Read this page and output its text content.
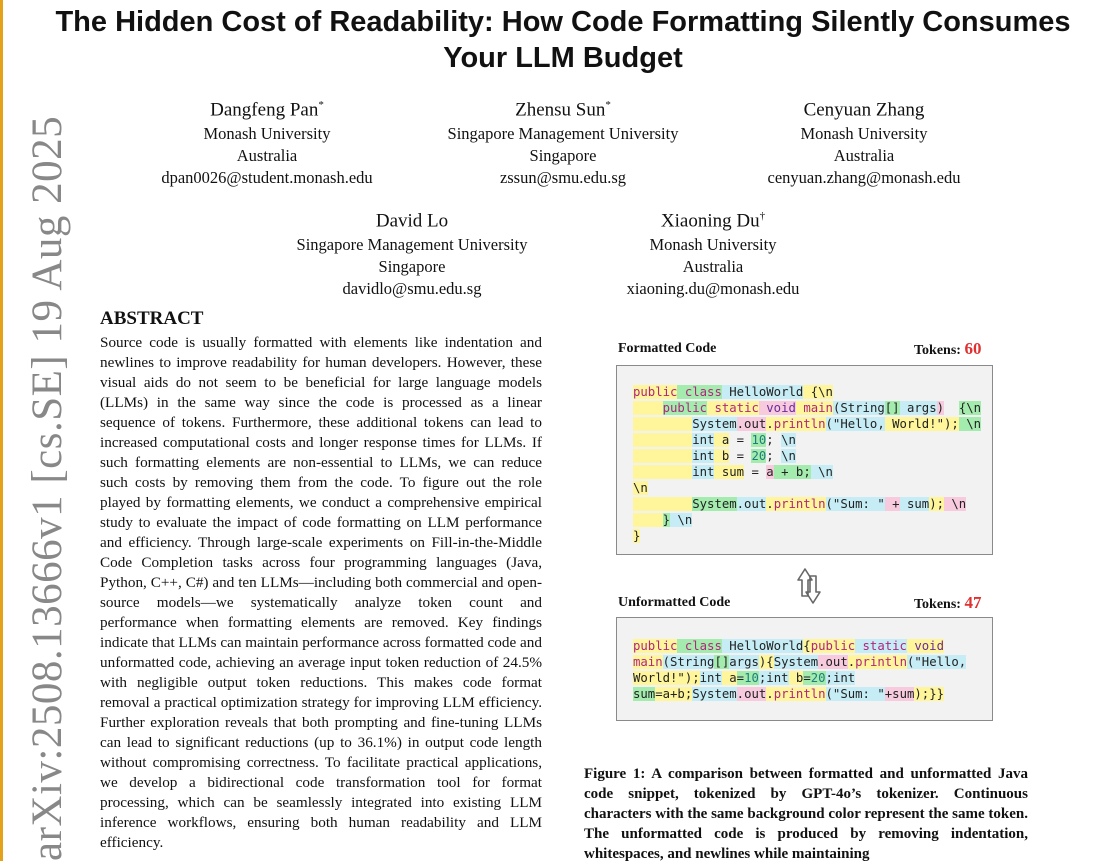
arXiv:2508.13666v1 [cs.SE] 19 Aug 2025
The Hidden Cost of Readability: How Code Formatting Silently Consumes Your LLM Budget
Dangfeng Pan*
Monash University
Australia
dpan0026@student.monash.edu
Zhensu Sun*
Singapore Management University
Singapore
zssun@smu.edu.sg
Cenyuan Zhang
Monash University
Australia
cenyuan.zhang@monash.edu
David Lo
Singapore Management University
Singapore
davidlo@smu.edu.sg
Xiaoning Du†
Monash University
Australia
xiaoning.du@monash.edu
ABSTRACT

Source code is usually formatted with elements like indentation and newlines to improve readability for human developers. However, these visual aids do not seem to be beneficial for large language models (LLMs) in the same way since the code is processed as a linear sequence of tokens. Furthermore, these additional tokens can lead to increased computational costs and longer response times for LLMs. If such formatting elements are non-essential to LLMs, we can reduce such costs by removing them from the code. To figure out the role played by formatting elements, we conduct a comprehensive empirical study to evaluate the impact of code formatting on LLM performance and efficiency. Through large-scale experiments on Fill-in-the-Middle Code Completion tasks across four programming languages (Java, Python, C++, C#) and ten LLMs—including both commercial and open-source models—we systematically analyze token count and performance when formatting elements are removed. Key findings indicate that LLMs can maintain performance across formatted code and unformatted code, achieving an average input token reduction of 24.5% with negligible output token reductions. This makes code format removal a practical optimization strategy for improving LLM efficiency. Further exploration reveals that both prompting and fine-tuning LLMs can lead to significant reductions (up to 36.1%) in output code length without compromising correctness. To facilitate practical applications, we develop a bidirectional code transformation tool for format processing, which can be seamlessly integrated into existing LLM inference workflows, ensuring both human readability and LLM efficiency.

Formatted Code	Tokens: 60
public class HelloWorld {\n
public static void main(String[] args) {\n
System.out.println("Hello, World!"); \n
int a = 10; \n
int b = 20; \n
int sum = a + b; \n
\n
System.out.println("Sum: " + sum); \n
} \n
}
Unformatted Code	Tokens: 47
public class HelloWorld{public static void
main(String[]args){System.out.println("Hello,
World!");int a=10;int b=20;int
sum=a+b;System.out.println("Sum: "+sum);}}

Figure 1: A comparison between formatted and unformatted Java code snippet, tokenized by GPT-4o’s tokenizer. Continuous characters with the same background color represent the same token. The unformatted code is produced by removing indentation, whitespaces, and newlines while maintaining
